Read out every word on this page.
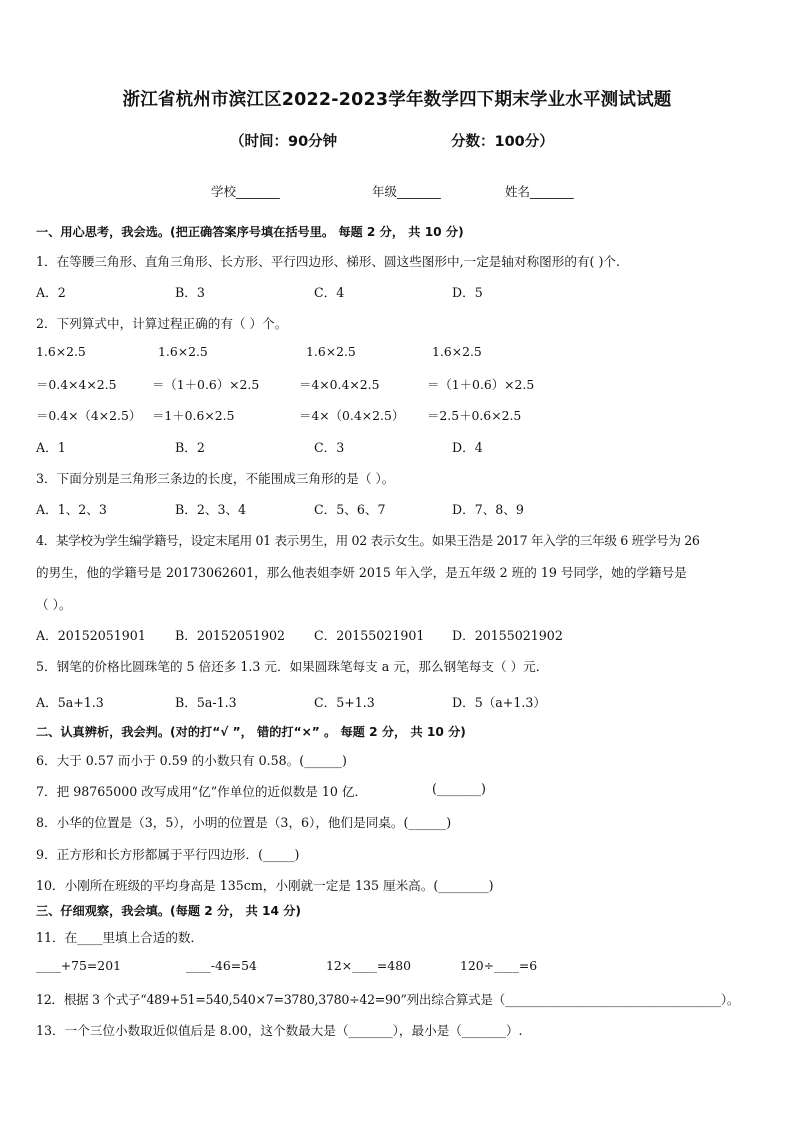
浙江省杭州市滨江区2022-2023学年数学四下期末学业水平测试试题
（时间：90分钟	分数：100分）
学校_______	年级_______	姓名_______
一、用心思考，我会选。(把正确答案序号填在括号里。 每题 2 分， 共 10 分)
1．在等腰三角形、直角三角形、长方形、平行四边形、梯形、圆这些图形中,一定是轴对称图形的有( )个.
A．2	B．3	C．4	D．5
2．下列算式中，计算过程正确的有（ ）个。
1.6×2.5	1.6×2.5	1.6×2.5	1.6×2.5
＝0.4×4×2.5	＝（1＋0.6）×2.5	＝4×0.4×2.5	＝（1＋0.6）×2.5
＝0.4×（4×2.5） ＝1＋0.6×2.5	＝4×（0.4×2.5） ＝2.5＋0.6×2.5
A．1	B．2	C．3	D．4
3．下面分别是三角形三条边的长度，不能围成三角形的是（ ）。
A．1、2、3	B．2、3、4	C．5、6、7	D．7、8、9
4．某学校为学生编学籍号，设定末尾用 01 表示男生，用 02 表示女生。如果王浩是 2017 年入学的三年级 6 班学号为 26
的男生，他的学籍号是 20173062601，那么他表姐李妍 2015 年入学，是五年级 2 班的 19 号同学，她的学籍号是
（ ）。
A．20152051901 B．20152051902 C．20155021901 D．20155021902
5．钢笔的价格比圆珠笔的 5 倍还多 1.3 元．如果圆珠笔每支 a 元，那么钢笔每支（ ）元．
A．5a+1.3	B．5a-1.3	C．5+1.3	D．5（a+1.3）
二、认真辨析，我会判。(对的打“√ ”， 错的打“×” 。 每题 2 分， 共 10 分)
6．大于 0.57 而小于 0.59 的小数只有 0.58。(______)
7．把 98765000 改写成用“亿”作单位的近似数是 10 亿．	(_______)
8．小华的位置是（3，5），小明的位置是（3，6），他们是同桌。(______)
9．正方形和长方形都属于平行四边形．(_____)
10．小刚所在班级的平均身高是 135cm，小刚就一定是 135 厘米高。(________)
三、仔细观察，我会填。(每题 2 分， 共 14 分)
11．在____里填上合适的数．
____+75=201	____-46=54	12×____=480	120÷____=6
12．根据 3 个式子“489+51=540,540×7=3780,3780÷42=90”列出综合算式是（____________________________________）。
13．一个三位小数取近似值后是 8.00，这个数最大是（_______），最小是（_______）.
